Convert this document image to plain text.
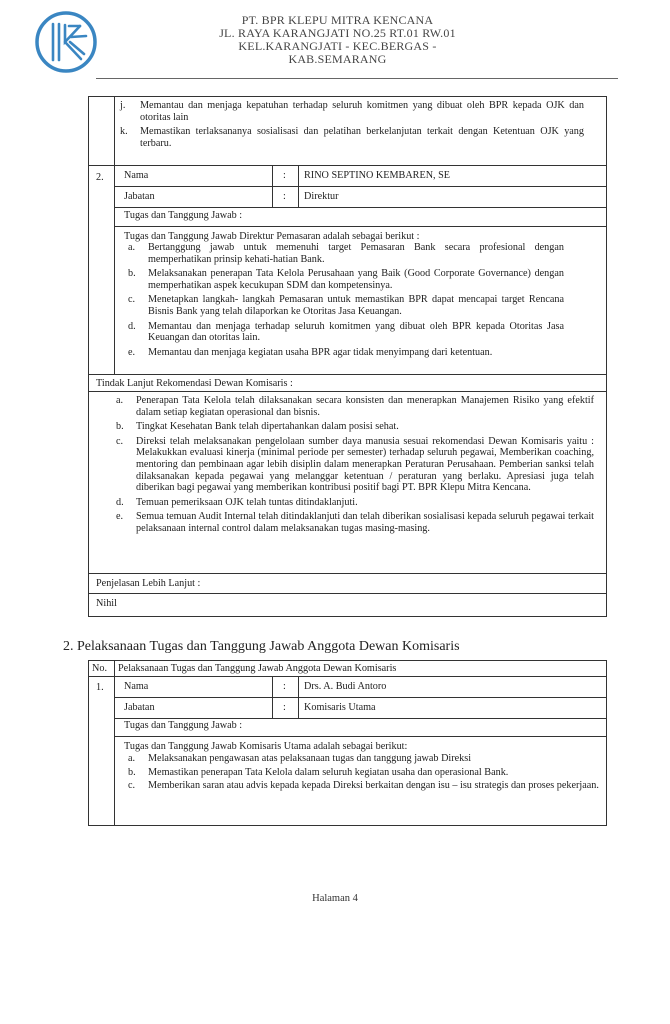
PT. BPR KLEPU MITRA KENCANA
JL. RAYA KARANGJATI NO.25 RT.01 RW.01
KEL.KARANGJATI - KEC.BERGAS -
KAB.SEMARANG
j. Memantau dan menjaga kepatuhan terhadap seluruh komitmen yang dibuat oleh BPR kepada OJK dan otoritas lain
k. Memastikan terlaksananya sosialisasi dan pelatihan berkelanjutan terkait dengan Ketentuan OJK yang terbaru.
2. Nama	: RINO SEPTINO KEMBAREN, SE
Jabatan	: Direktur
Tugas dan Tanggung Jawab :
Tugas dan Tanggung Jawab Direktur Pemasaran adalah sebagai berikut :
a. Bertanggung jawab untuk memenuhi target Pemasaran Bank secara profesional dengan memperhatikan prinsip kehati-hatian Bank.
b. Melaksanakan penerapan Tata Kelola Perusahaan yang Baik (Good Corporate Governance) dengan memperhatikan aspek kecukupan SDM dan kompetensinya.
c. Menetapkan langkah- langkah Pemasaran untuk memastikan BPR dapat mencapai target Rencana Bisnis Bank yang telah dilaporkan ke Otoritas Jasa Keuangan.
d. Memantau dan menjaga terhadap seluruh komitmen yang dibuat oleh BPR kepada Otoritas Jasa Keuangan dan otoritas lain.
e. Memantau dan menjaga kegiatan usaha BPR agar tidak menyimpang dari ketentuan.
Tindak Lanjut Rekomendasi Dewan Komisaris :
a. Penerapan Tata Kelola telah dilaksanakan secara konsisten dan menerapkan Manajemen Risiko yang efektif dalam setiap kegiatan operasional dan bisnis.
b. Tingkat Kesehatan Bank telah dipertahankan dalam posisi sehat.
c. Direksi telah melaksanakan pengelolaan sumber daya manusia sesuai rekomendasi Dewan Komisaris yaitu : Melakukkan evaluasi kinerja (minimal periode per semester) terhadap seluruh pegawai, Memberikan coaching, mentoring dan pembinaan agar lebih disiplin dalam menerapkan Peraturan Perusahaan. Pemberian sanksi telah dilaksanakan kepada pegawai yang melanggar ketentuan / peraturan yang berlaku. Apresiasi juga telah diberikan bagi pegawai yang memberikan kontribusi positif bagi PT. BPR Klepu Mitra Kencana.
d. Temuan pemeriksaan OJK telah tuntas ditindaklanjuti.
e. Semua temuan Audit Internal telah ditindaklanjuti dan telah diberikan sosialisasi kepada seluruh pegawai terkait pelaksanaan internal control dalam melaksanakan tugas masing-masing.
Penjelasan Lebih Lanjut :
Nihil
2. Pelaksanaan Tugas dan Tanggung Jawab Anggota Dewan Komisaris
No. Pelaksanaan Tugas dan Tanggung Jawab Anggota Dewan Komisaris
1. Nama	: Drs. A. Budi Antoro
Jabatan	: Komisaris Utama
Tugas dan Tanggung Jawab :
Tugas dan Tanggung Jawab Komisaris Utama adalah sebagai berikut:
a. Melaksanakan pengawasan atas pelaksanaan tugas dan tanggung jawab Direksi
b. Memastikan penerapan Tata Kelola dalam seluruh kegiatan usaha dan operasional Bank.
c. Memberikan saran atau advis kepada kepada Direksi berkaitan dengan isu – isu strategis dan proses pekerjaan.
Halaman 4
